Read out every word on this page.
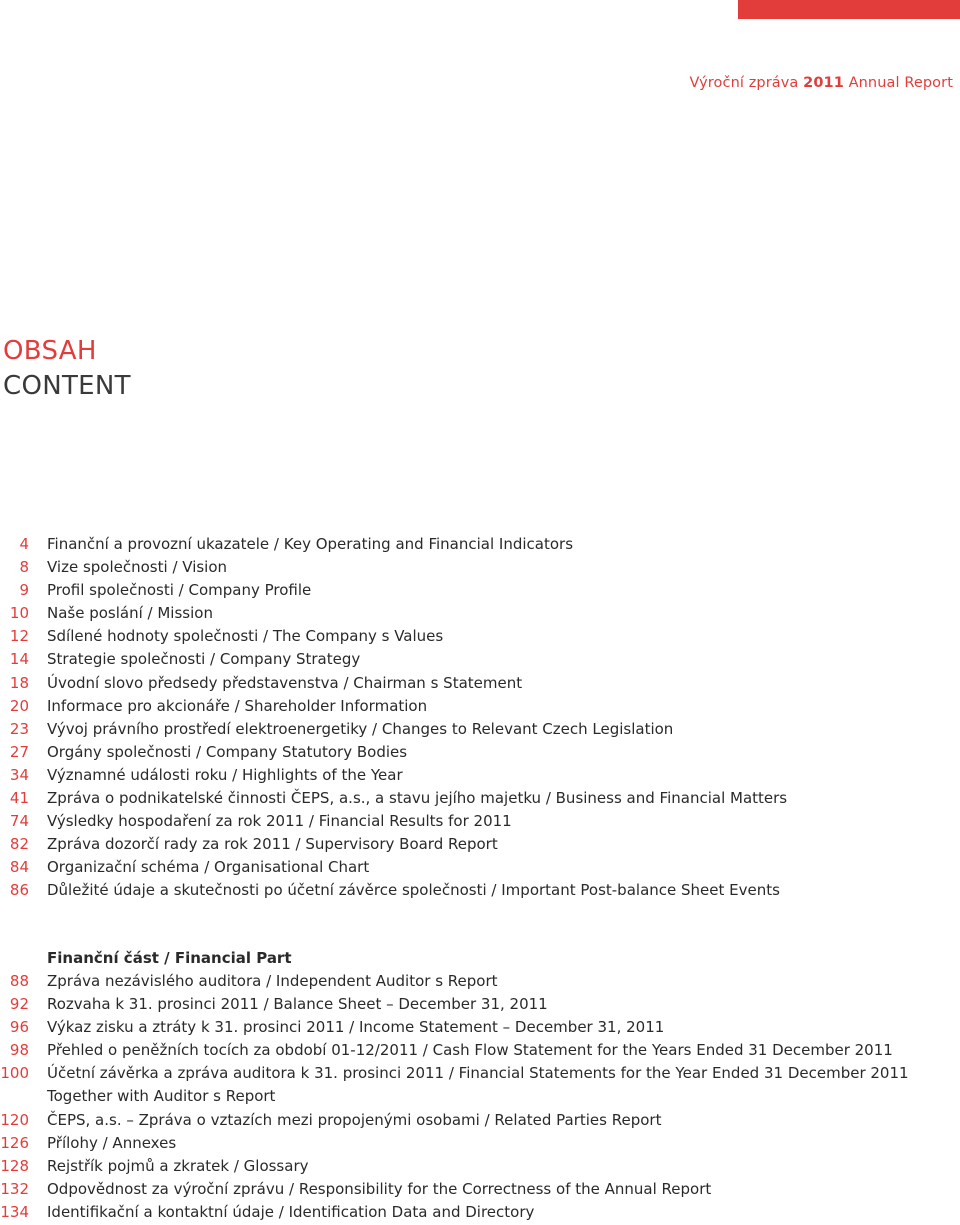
Výroční zpráva 2011 Annual Report
OBSAH
CONTENT
4 Finanční a provozní ukazatele / Key Operating and Financial Indicators
8 Vize společnosti / Vision
9 Profil společnosti / Company Profile
10 Naše poslání / Mission
12 Sdílené hodnoty společnosti / The Company s Values
14 Strategie společnosti / Company Strategy
18 Úvodní slovo předsedy představenstva / Chairman s Statement
20 Informace pro akcionáře / Shareholder Information
23 Vývoj právního prostředí elektroenergetiky / Changes to Relevant Czech Legislation
27 Orgány společnosti / Company Statutory Bodies
34 Významné události roku / Highlights of the Year
41 Zpráva o podnikatelské činnosti ČEPS, a.s., a stavu jejího majetku / Business and Financial Matters
74 Výsledky hospodaření za rok 2011 / Financial Results for 2011
82 Zpráva dozorčí rady za rok 2011 / Supervisory Board Report
84 Organizační schéma / Organisational Chart
86 Důležité údaje a skutečnosti po účetní závěrce společnosti / Important Post-balance Sheet Events
Finanční část / Financial Part
88 Zpráva nezávislého auditora / Independent Auditor s Report
92 Rozvaha k 31. prosinci 2011 / Balance Sheet – December 31, 2011
96 Výkaz zisku a ztráty k 31. prosinci 2011 / Income Statement – December 31, 2011
98 Přehled o peněžních tocích za období 01-12/2011 / Cash Flow Statement for the Years Ended 31 December 2011
100 Účetní závěrka a zpráva auditora k 31. prosinci 2011 / Financial Statements for the Year Ended 31 December 2011 Together with Auditor s Report
120 ČEPS, a.s. – Zpráva o vztazích mezi propojenými osobami / Related Parties Report
126 Přílohy / Annexes
128 Rejstřík pojmů a zkratek / Glossary
132 Odpovědnost za výroční zprávu / Responsibility for the Correctness of the Annual Report
134 Identifikační a kontaktní údaje / Identification Data and Directory
